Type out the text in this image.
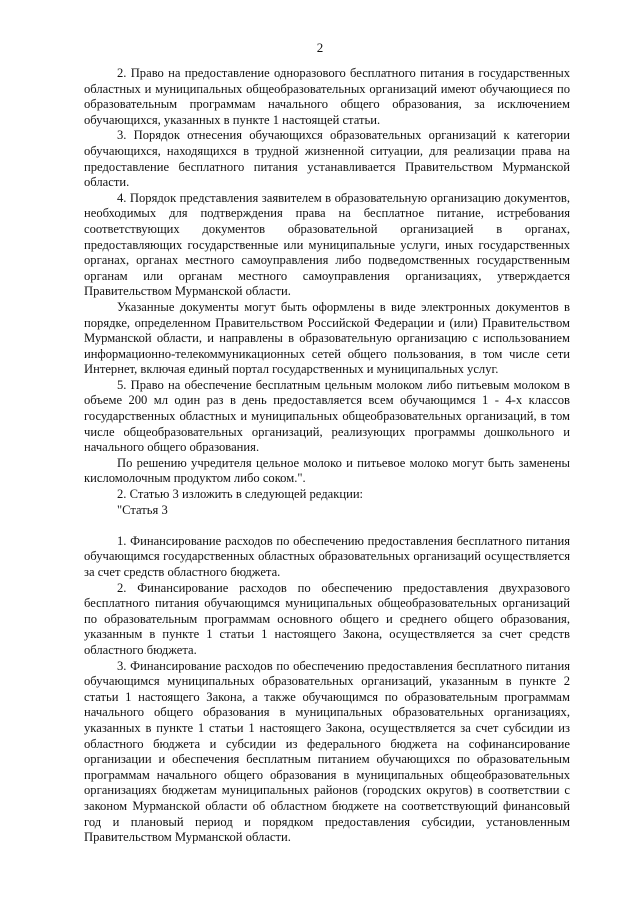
2

2. Право на предоставление одноразового бесплатного питания в государственных областных и муниципальных общеобразовательных организаций имеют обучающиеся по образовательным программам начального общего образования, за исключением обучающихся, указанных в пункте 1 настоящей статьи.

3. Порядок отнесения обучающихся образовательных организаций к категории обучающихся, находящихся в трудной жизненной ситуации, для реализации права на предоставление бесплатного питания устанавливается Правительством Мурманской области.

4. Порядок представления заявителем в образовательную организацию документов, необходимых для подтверждения права на бесплатное питание, истребования соответствующих документов образовательной организацией в органах, предоставляющих государственные или муниципальные услуги, иных государственных органах, органах местного самоуправления либо подведомственных государственным органам или органам местного самоуправления организациях, утверждается Правительством Мурманской области.

Указанные документы могут быть оформлены в виде электронных документов в порядке, определенном Правительством Российской Федерации и (или) Правительством Мурманской области, и направлены в образовательную организацию с использованием информационно-телекоммуникационных сетей общего пользования, в том числе сети Интернет, включая единый портал государственных и муниципальных услуг.

5. Право на обеспечение бесплатным цельным молоком либо питьевым молоком в объеме 200 мл один раз в день предоставляется всем обучающимся 1 - 4-х классов государственных областных и муниципальных общеобразовательных организаций, в том числе общеобразовательных организаций, реализующих программы дошкольного и начального общего образования.

По решению учредителя цельное молоко и питьевое молоко могут быть заменены кисломолочным продуктом либо соком.".

2. Статью 3 изложить в следующей редакции:

"Статья 3

1. Финансирование расходов по обеспечению предоставления бесплатного питания обучающимся государственных областных образовательных организаций осуществляется за счет средств областного бюджета.

2. Финансирование расходов по обеспечению предоставления двухразового бесплатного питания обучающимся муниципальных общеобразовательных организаций по образовательным программам основного общего и среднего общего образования, указанным в пункте 1 статьи 1 настоящего Закона, осуществляется за счет средств областного бюджета.

3. Финансирование расходов по обеспечению предоставления бесплатного питания обучающимся муниципальных образовательных организаций, указанным в пункте 2 статьи 1 настоящего Закона, а также обучающимся по образовательным программам начального общего образования в муниципальных образовательных организациях, указанных в пункте 1 статьи 1 настоящего Закона, осуществляется за счет субсидии из областного бюджета и субсидии из федерального бюджета на софинансирование организации и обеспечения бесплатным питанием обучающихся по образовательным программам начального общего образования в муниципальных общеобразовательных организациях бюджетам муниципальных районов (городских округов) в соответствии с законом Мурманской области об областном бюджете на соответствующий финансовый год и плановый период и порядком предоставления субсидии, установленным Правительством Мурманской области.
